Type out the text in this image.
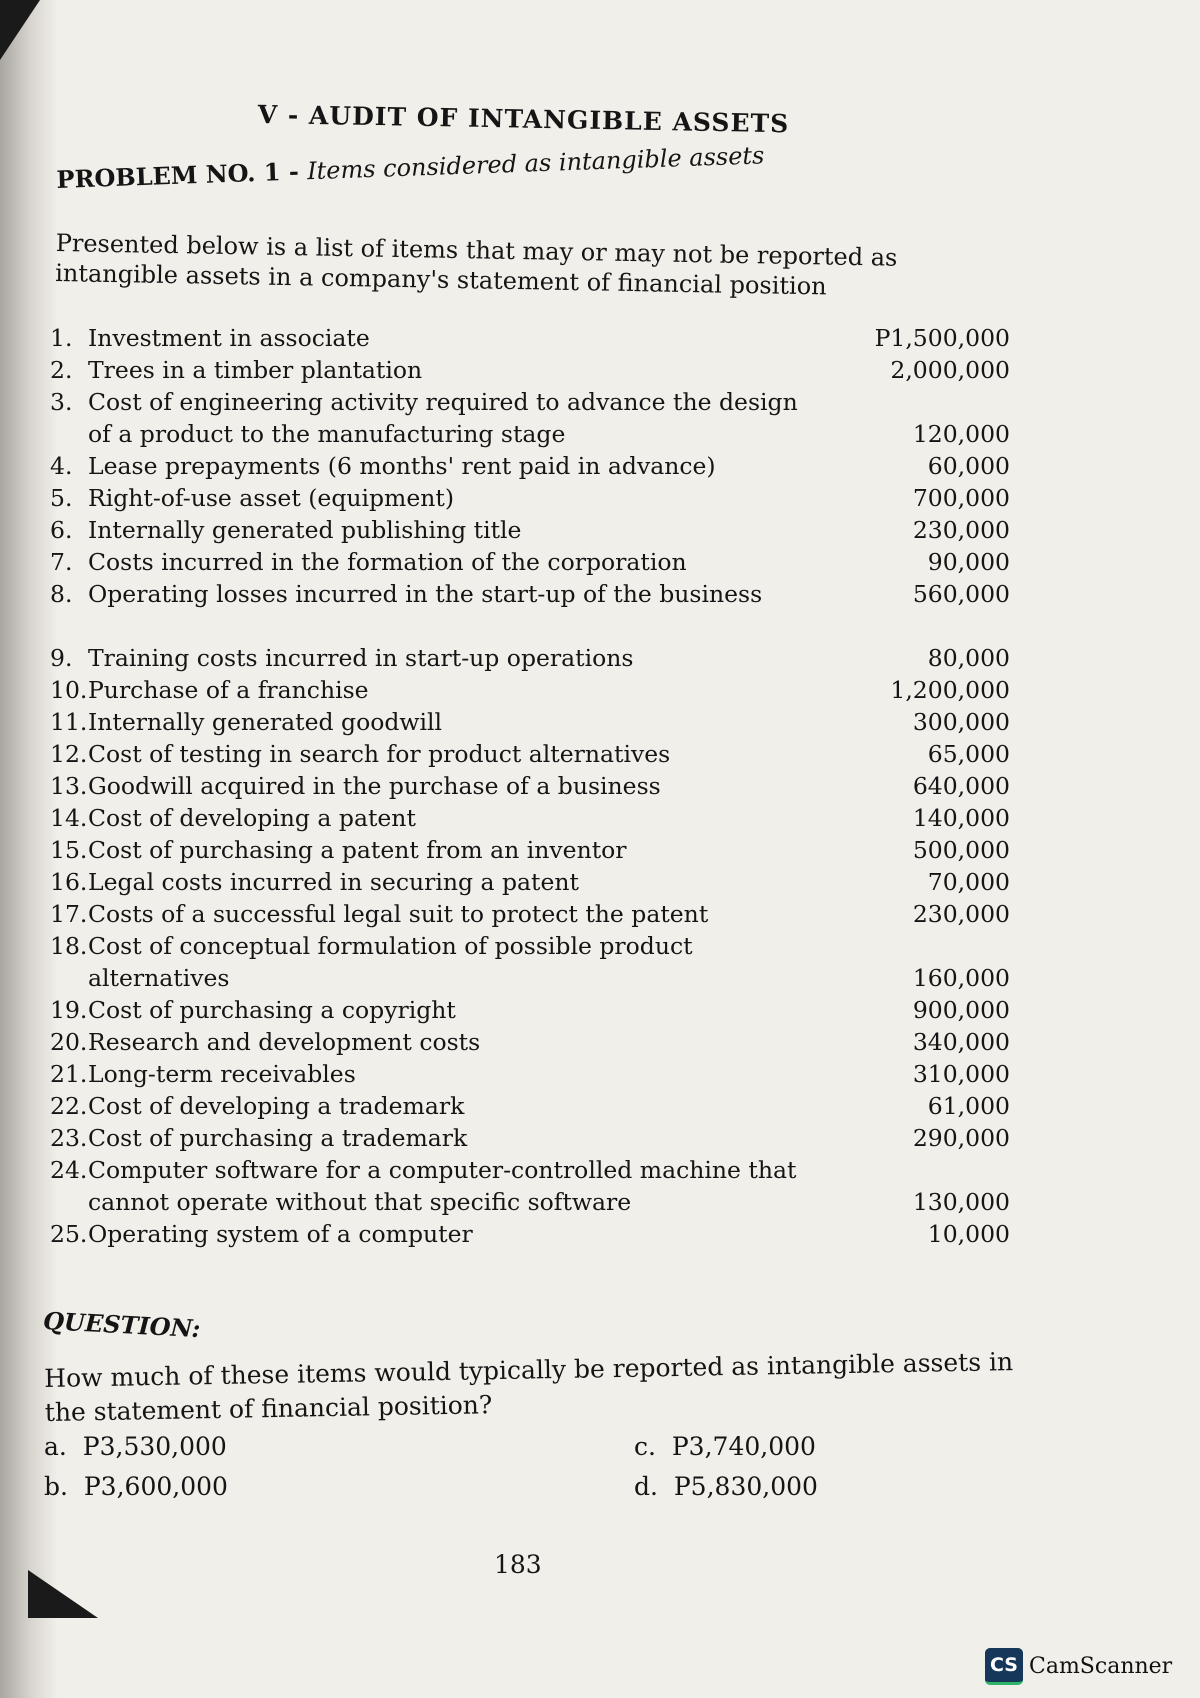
V - AUDIT OF INTANGIBLE ASSETS
PROBLEM NO. 1 - Items considered as intangible assets
Presented below is a list of items that may or may not be reported as intangible assets in a company's statement of financial position
1. Investment in associate	P1,500,000
2. Trees in a timber plantation	2,000,000
3. Cost of engineering activity required to advance the design of a product to the manufacturing stage	120,000
4. Lease prepayments (6 months' rent paid in advance)	60,000
5. Right-of-use asset (equipment)	700,000
6. Internally generated publishing title	230,000
7. Costs incurred in the formation of the corporation	90,000
8. Operating losses incurred in the start-up of the business	560,000
9. Training costs incurred in start-up operations	80,000
10. Purchase of a franchise	1,200,000
11. Internally generated goodwill	300,000
12. Cost of testing in search for product alternatives	65,000
13. Goodwill acquired in the purchase of a business	640,000
14. Cost of developing a patent	140,000
15. Cost of purchasing a patent from an inventor	500,000
16. Legal costs incurred in securing a patent	70,000
17. Costs of a successful legal suit to protect the patent	230,000
18. Cost of conceptual formulation of possible product alternatives	160,000
19. Cost of purchasing a copyright	900,000
20. Research and development costs	340,000
21. Long-term receivables	310,000
22. Cost of developing a trademark	61,000
23. Cost of purchasing a trademark	290,000
24. Computer software for a computer-controlled machine that cannot operate without that specific software	130,000
25. Operating system of a computer	10,000
QUESTION:
How much of these items would typically be reported as intangible assets in the statement of financial position?
a. P3,530,000
b. P3,600,000
c. P3,740,000
d. P5,830,000
183
CS CamScanner
